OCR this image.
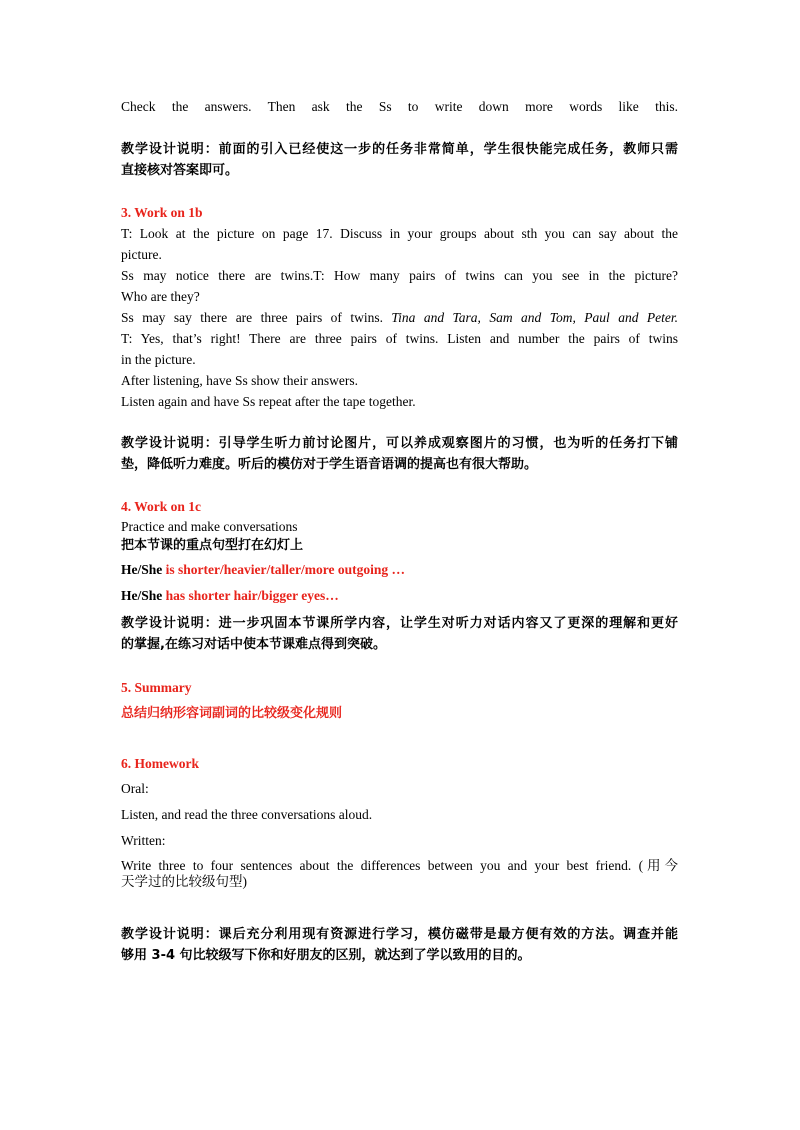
Check the answers. Then ask the Ss to write down more words like this.
教学设计说明：前面的引入已经使这一步的任务非常简单，学生很快能完成任务，教师只需
直接核对答案即可。
3. Work on 1b
T: Look at the picture on page 17. Discuss in your groups about sth you can say about the
picture.
Ss may notice there are twins.T: How many pairs of twins can you see in the picture?
Who are they?
Ss may say there are three pairs of twins. Tina and Tara, Sam and Tom, Paul and Peter.
T: Yes, that’s right! There are three pairs of twins. Listen and number the pairs of twins
in the picture.
After listening, have Ss show their answers.
Listen again and have Ss repeat after the tape together.
教学设计说明：引导学生听力前讨论图片，可以养成观察图片的习惯，也为听的任务打下铺
垫，降低听力难度。听后的模仿对于学生语音语调的提高也有很大帮助。
4. Work on 1c
Practice and make conversations
把本节课的重点句型打在幻灯上
He/She is shorter/heavier/taller/more outgoing …
He/She has shorter hair/bigger eyes…
教学设计说明：进一步巩固本节课所学内容，让学生对听力对话内容又了更深的理解和更好
的掌握,在练习对话中使本节课难点得到突破。
5. Summary
总结归纳形容词副词的比较级变化规则
6. Homework
Oral:
Listen, and read the three conversations aloud.
Written:
Write three to four sentences about the differences between you and your best friend. (用今
天学过的比较级句型)
教学设计说明：课后充分利用现有资源进行学习，模仿磁带是最方便有效的方法。调查并能
够用 3-4 句比较级写下你和好朋友的区别，就达到了学以致用的目的。
